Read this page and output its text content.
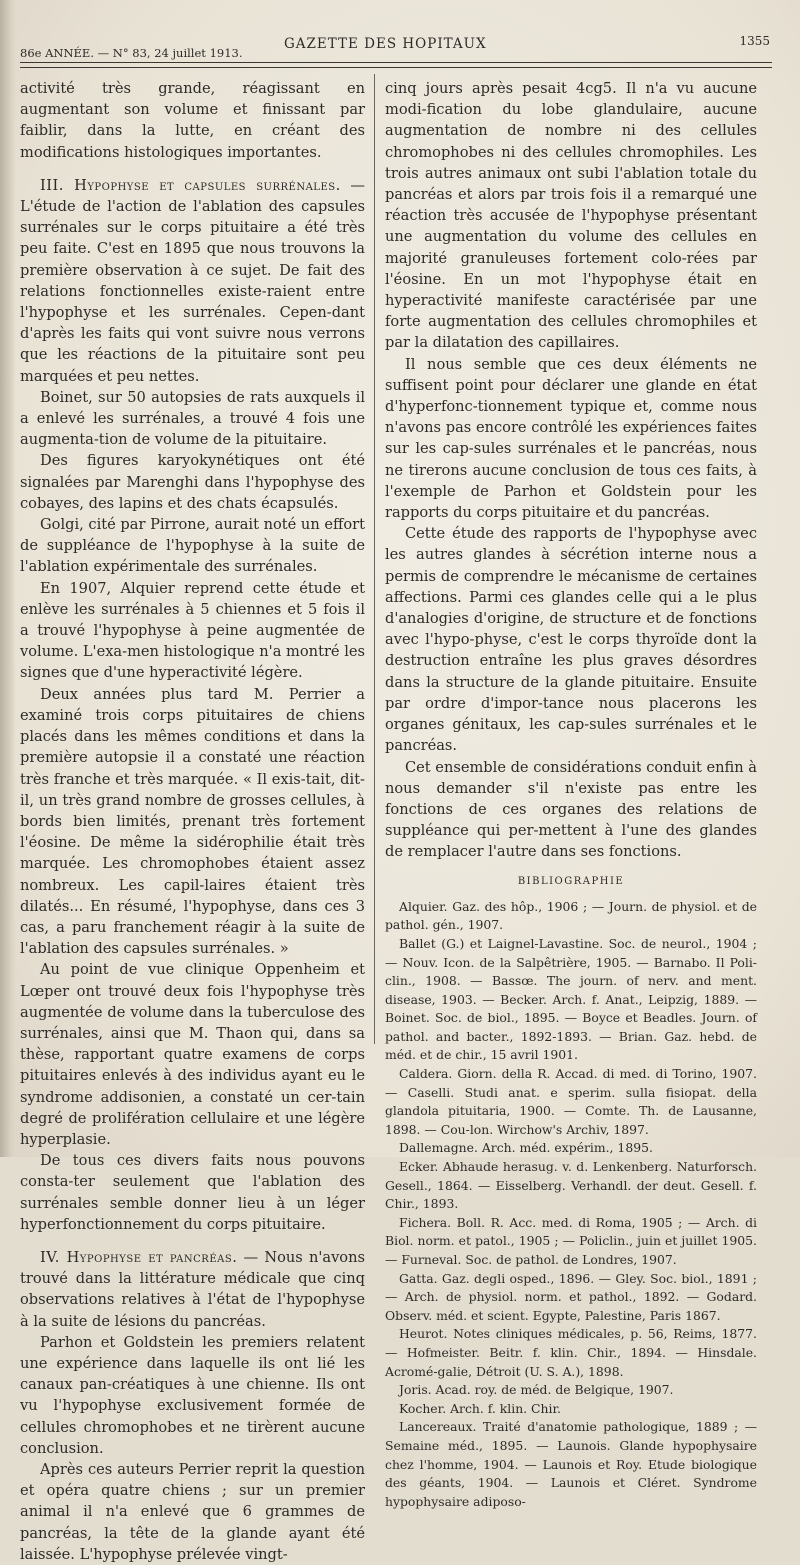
86e ANNÉE. — N° 83, 24 juillet 1913.
GAZETTE DES HOPITAUX	1355

activité très grande, réagissant en augmentant son volume et finissant par faiblir, dans la lutte, en créant des modifications histologiques importantes.

III. Hypophyse et capsules surrénales. — L'étude de l'action de l'ablation des capsules surrénales sur le corps pituitaire a été très peu faite. C'est en 1895 que nous trouvons la première observation à ce sujet. De fait des relations fonctionnelles existe-raient entre l'hypophyse et les surrénales. Cepen-dant d'après les faits qui vont suivre nous verrons que les réactions de la pituitaire sont peu marquées et peu nettes.

Boinet, sur 50 autopsies de rats auxquels il a enlevé les surrénales, a trouvé 4 fois une augmenta-tion de volume de la pituitaire.

Des figures karyokynétiques ont été signalées par Marenghi dans l'hypophyse des cobayes, des lapins et des chats écapsulés.

Golgi, cité par Pirrone, aurait noté un effort de suppléance de l'hypophyse à la suite de l'ablation expérimentale des surrénales.

En 1907, Alquier reprend cette étude et enlève les surrénales à 5 chiennes et 5 fois il a trouvé l'hypophyse à peine augmentée de volume. L'exa-men histologique n'a montré les signes que d'une hyperactivité légère.

Deux années plus tard M. Perrier a examiné trois corps pituitaires de chiens placés dans les mêmes conditions et dans la première autopsie il a constaté une réaction très franche et très marquée. « Il exis-tait, dit-il, un très grand nombre de grosses cellules, à bords bien limités, prenant très fortement l'éosine. De même la sidérophilie était très marquée. Les chromophobes étaient assez nombreux. Les capil-laires étaient très dilatés... En résumé, l'hypophyse, dans ces 3 cas, a paru franchement réagir à la suite de l'ablation des capsules surrénales. »

Au point de vue clinique Oppenheim et Lœper ont trouvé deux fois l'hypophyse très augmentée de volume dans la tuberculose des surrénales, ainsi que M. Thaon qui, dans sa thèse, rapportant quatre examens de corps pituitaires enlevés à des individus ayant eu le syndrome addisonien, a constaté un cer-tain degré de prolifération cellulaire et une légère hyperplasie.

De tous ces divers faits nous pouvons consta-ter seulement que l'ablation des surrénales semble donner lieu à un léger hyperfonctionnement du corps pituitaire.

IV. Hypophyse et pancréas. — Nous n'avons trouvé dans la littérature médicale que cinq observations relatives à l'état de l'hypophyse à la suite de lésions du pancréas.

Parhon et Goldstein les premiers relatent une expérience dans laquelle ils ont lié les canaux pan-créatiques à une chienne. Ils ont vu l'hypophyse exclusivement formée de cellules chromophobes et ne tirèrent aucune conclusion.

Après ces auteurs Perrier reprit la question et opéra quatre chiens ; sur un premier animal il n'a enlevé que 6 grammes de pancréas, la tête de la glande ayant été laissée. L'hypophyse prélevée vingt-

cinq jours après pesait 4cg5. Il n'a vu aucune modi-fication du lobe glandulaire, aucune augmentation de nombre ni des cellules chromophobes ni des cellules chromophiles. Les trois autres animaux ont subi l'ablation totale du pancréas et alors par trois fois il a remarqué une réaction très accusée de l'hypophyse présentant une augmentation du volume des cellules en majorité granuleuses fortement colo-rées par l'éosine. En un mot l'hypophyse était en hyperactivité manifeste caractérisée par une forte augmentation des cellules chromophiles et par la dilatation des capillaires.

Il nous semble que ces deux éléments ne suffisent point pour déclarer une glande en état d'hyperfonc-tionnement typique et, comme nous n'avons pas encore contrôlé les expériences faites sur les cap-sules surrénales et le pancréas, nous ne tirerons aucune conclusion de tous ces faits, à l'exemple de Parhon et Goldstein pour les rapports du corps pituitaire et du pancréas.

Cette étude des rapports de l'hypophyse avec les autres glandes à sécrétion interne nous a permis de comprendre le mécanisme de certaines affections. Parmi ces glandes celle qui a le plus d'analogies d'origine, de structure et de fonctions avec l'hypo-physe, c'est le corps thyroïde dont la destruction entraîne les plus graves désordres dans la structure de la glande pituitaire. Ensuite par ordre d'impor-tance nous placerons les organes génitaux, les cap-sules surrénales et le pancréas.

Cet ensemble de considérations conduit enfin à nous demander s'il n'existe pas entre les fonctions de ces organes des relations de suppléance qui per-mettent à l'une des glandes de remplacer l'autre dans ses fonctions.

BIBLIOGRAPHIE

Alquier. Gaz. des hôp., 1906 ; — Journ. de physiol. et de pathol. gén., 1907.

Ballet (G.) et Laignel-Lavastine. Soc. de neurol., 1904 ; — Nouv. Icon. de la Salpêtrière, 1905. — Barnabo. Il Poli-clin., 1908. — Bassœ. The journ. of nerv. and ment. disease, 1903. — Becker. Arch. f. Anat., Leipzig, 1889. — Boinet. Soc. de biol., 1895. — Boyce et Beadles. Journ. of pathol. and bacter., 1892-1893. — Brian. Gaz. hebd. de méd. et de chir., 15 avril 1901.

Caldera. Giorn. della R. Accad. di med. di Torino, 1907. — Caselli. Studi anat. e sperim. sulla fisiopat. della glandola pituitaria, 1900. — Comte. Th. de Lausanne, 1898. — Cou-lon. Wirchow's Archiv, 1897.

Dallemagne. Arch. méd. expérim., 1895.

Ecker. Abhaude herasug. v. d. Lenkenberg. Naturforsch. Gesell., 1864. — Eisselberg. Verhandl. der deut. Gesell. f. Chir., 1893.

Fichera. Boll. R. Acc. med. di Roma, 1905 ; — Arch. di Biol. norm. et patol., 1905 ; — Policlin., juin et juillet 1905. — Furneval. Soc. de pathol. de Londres, 1907.

Gatta. Gaz. degli osped., 1896. — Gley. Soc. biol., 1891 ; — Arch. de physiol. norm. et pathol., 1892. — Godard. Observ. méd. et scient. Egypte, Palestine, Paris 1867.

Heurot. Notes cliniques médicales, p. 56, Reims, 1877. — Hofmeister. Beitr. f. klin. Chir., 1894. — Hinsdale. Acromé-galie, Détroit (U. S. A.), 1898.

Joris. Acad. roy. de méd. de Belgique, 1907.

Kocher. Arch. f. klin. Chir.

Lancereaux. Traité d'anatomie pathologique, 1889 ; — Semaine méd., 1895. — Launois. Glande hypophysaire chez l'homme, 1904. — Launois et Roy. Etude biologique des géants, 1904. — Launois et Cléret. Syndrome hypophysaire adiposo-
